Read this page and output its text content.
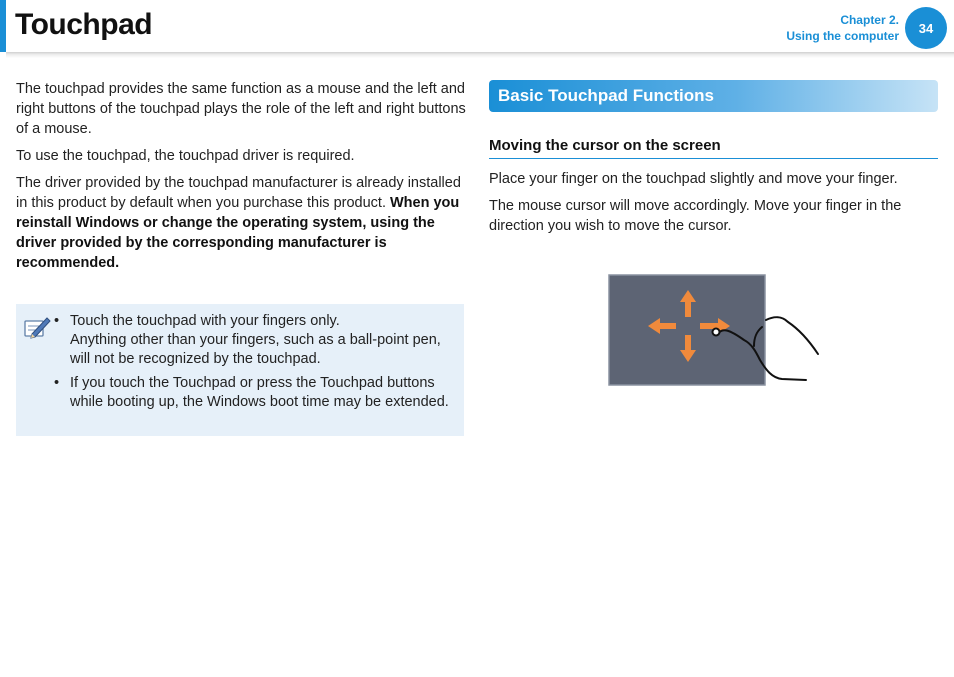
Touchpad	Chapter 2.
Using the computer
34

The touchpad provides the same function as a mouse and the left and right buttons of the touchpad plays the role of the left and right buttons of a mouse.

To use the touchpad, the touchpad driver is required.

The driver provided by the touchpad manufacturer is already installed in this product by default when you purchase this product. When you reinstall Windows or change the operating system, using the driver provided by the corresponding manufacturer is recommended.

• Touch the touchpad with your fingers only.
Anything other than your fingers, such as a ball-point pen, will not be recognized by the touchpad.
• If you touch the Touchpad or press the Touchpad buttons while booting up, the Windows boot time may be extended.
Basic Touchpad Functions
Moving the cursor on the screen

Place your finger on the touchpad slightly and move your finger.

The mouse cursor will move accordingly. Move your finger in the direction you wish to move the cursor.
